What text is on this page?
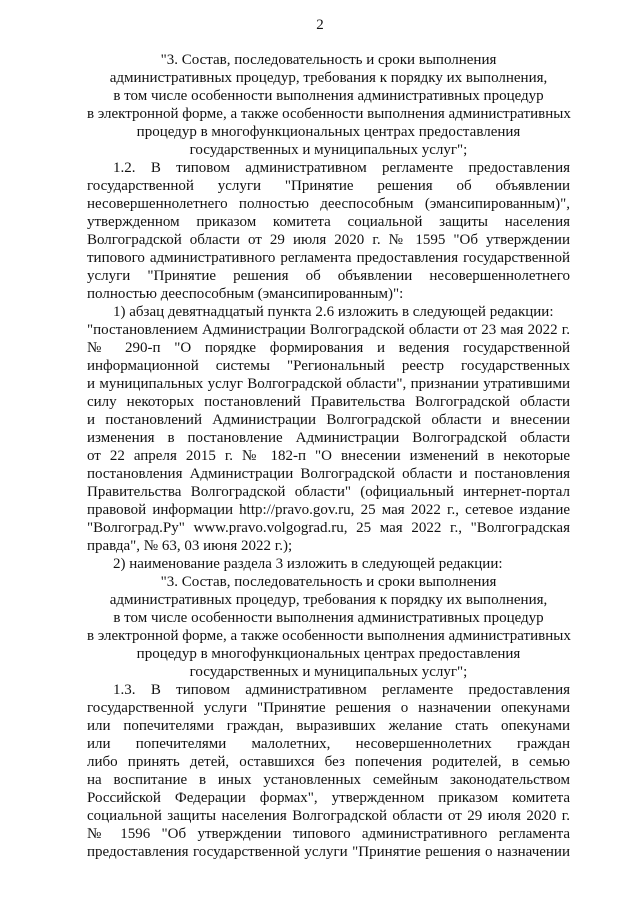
2
"3. Состав, последовательность и сроки выполнения
административных процедур, требования к порядку их выполнения,
в том числе особенности выполнения административных процедур
в электронной форме, а также особенности выполнения административных
процедур в многофункциональных центрах предоставления
государственных и муниципальных услуг";
1.2. В типовом административном регламенте предоставления
государственной услуги "Принятие решения об объявлении
несовершеннолетнего полностью дееспособным (эмансипированным)",
утвержденном приказом комитета социальной защиты населения
Волгоградской области от 29 июля 2020 г. № 1595 "Об утверждении
типового административного регламента предоставления государственной
услуги "Принятие решения об объявлении несовершеннолетнего
полностью дееспособным (эмансипированным)":
1) абзац девятнадцатый пункта 2.6 изложить в следующей редакции:
"постановлением Администрации Волгоградской области от 23 мая 2022 г.
№ 290-п "О порядке формирования и ведения государственной
информационной системы "Региональный реестр государственных
и муниципальных услуг Волгоградской области", признании утратившими
силу некоторых постановлений Правительства Волгоградской области
и постановлений Администрации Волгоградской области и внесении
изменения в постановление Администрации Волгоградской области
от 22 апреля 2015 г. № 182-п "О внесении изменений в некоторые
постановления Администрации Волгоградской области и постановления
Правительства Волгоградской области" (официальный интернет-портал
правовой информации http://pravo.gov.ru, 25 мая 2022 г., сетевое издание
"Волгоград.Ру" www.pravo.volgograd.ru, 25 мая 2022 г., "Волгоградская
правда", № 63, 03 июня 2022 г.);
2) наименование раздела 3 изложить в следующей редакции:
"3. Состав, последовательность и сроки выполнения
административных процедур, требования к порядку их выполнения,
в том числе особенности выполнения административных процедур
в электронной форме, а также особенности выполнения административных
процедур в многофункциональных центрах предоставления
государственных и муниципальных услуг";
1.3. В типовом административном регламенте предоставления
государственной услуги "Принятие решения о назначении опекунами
или попечителями граждан, выразивших желание стать опекунами
или попечителями малолетних, несовершеннолетних граждан
либо принять детей, оставшихся без попечения родителей, в семью
на воспитание в иных установленных семейным законодательством
Российской Федерации формах", утвержденном приказом комитета
социальной защиты населения Волгоградской области от 29 июля 2020 г.
№ 1596 "Об утверждении типового административного регламента
предоставления государственной услуги "Принятие решения о назначении
